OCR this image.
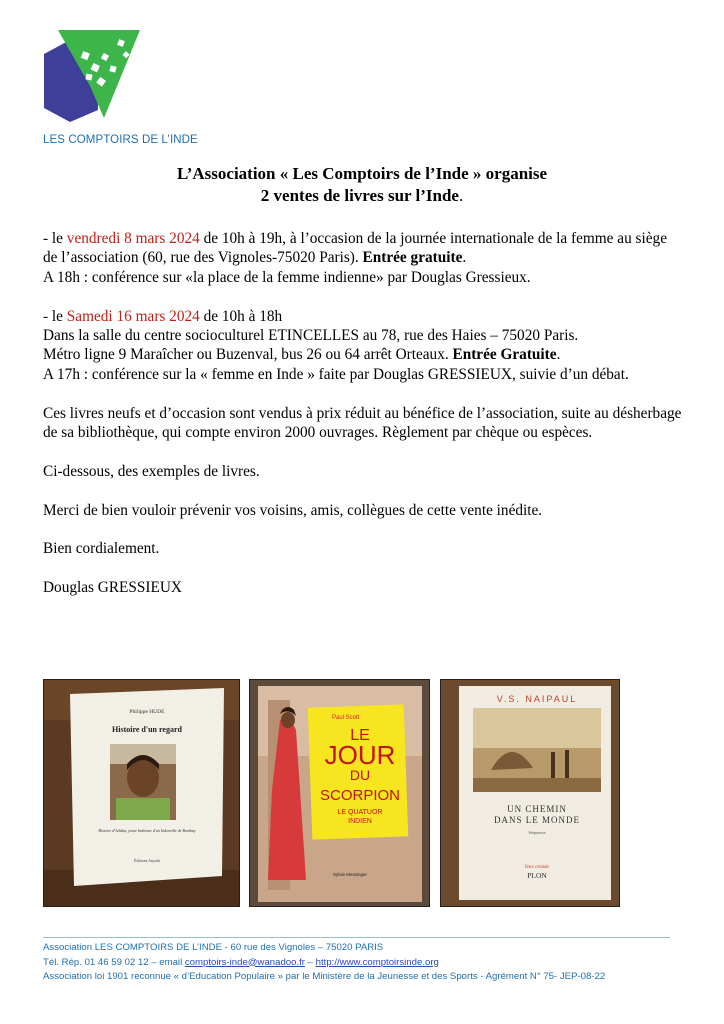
LES COMPTOIRS DE L’INDE
L’Association « Les Comptoirs de l’Inde » organise
2 ventes de livres sur l’Inde.

- le vendredi 8 mars 2024 de 10h à 19h, à l’occasion de la journée internationale de la femme au siège de l’association (60, rue des Vignoles-75020 Paris). Entrée gratuite.
A 18h : conférence sur «la place de la femme indienne» par Douglas Gressieux.

- le Samedi 16 mars 2024 de 10h à 18h
Dans la salle du centre socioculturel ETINCELLES au 78, rue des Haies – 75020 Paris.
Métro ligne 9 Maraîcher ou Buzenval, bus 26 ou 64 arrêt Orteaux. Entrée Gratuite.
A 17h : conférence sur la « femme en Inde » faite par Douglas GRESSIEUX, suivie d’un débat.

Ces livres neufs et d’occasion sont vendus à prix réduit au bénéfice de l’association, suite au désherbage de sa bibliothèque, qui compte environ 2000 ouvrages. Règlement par chèque ou espèces.

Ci-dessous, des exemples de livres.

Merci de bien vouloir prévenir vos voisins, amis, collègues de cette vente inédite.

Bien cordialement.

Douglas GRESSIEUX

Philippe HUDE
Histoire d'un regard
Histoire d'Adisha, jeune Indienne d'un bidonville de Bombay
Éditions Anyabi
Paul Scott
LE
JOUR
DU
SCORPION
LE QUATUOR
INDIEN
Sylvie Messinger
V.S. NAIPAUL
UN CHEMIN
DANS LE MONDE
Séquence
feux croisés
PLON
Association LES COMPTOIRS DE L’INDE - 60 rue des Vignoles – 75020 PARIS
Tél. Rép. 01 46 59 02 12 – email comptoirs-inde@wanadoo.fr – http://www.comptoirsinde.org
Association loi 1901 reconnue « d’Education Populaire » par le Ministère de la Jeunesse et des Sports - Agrément N° 75- JEP-08-22
